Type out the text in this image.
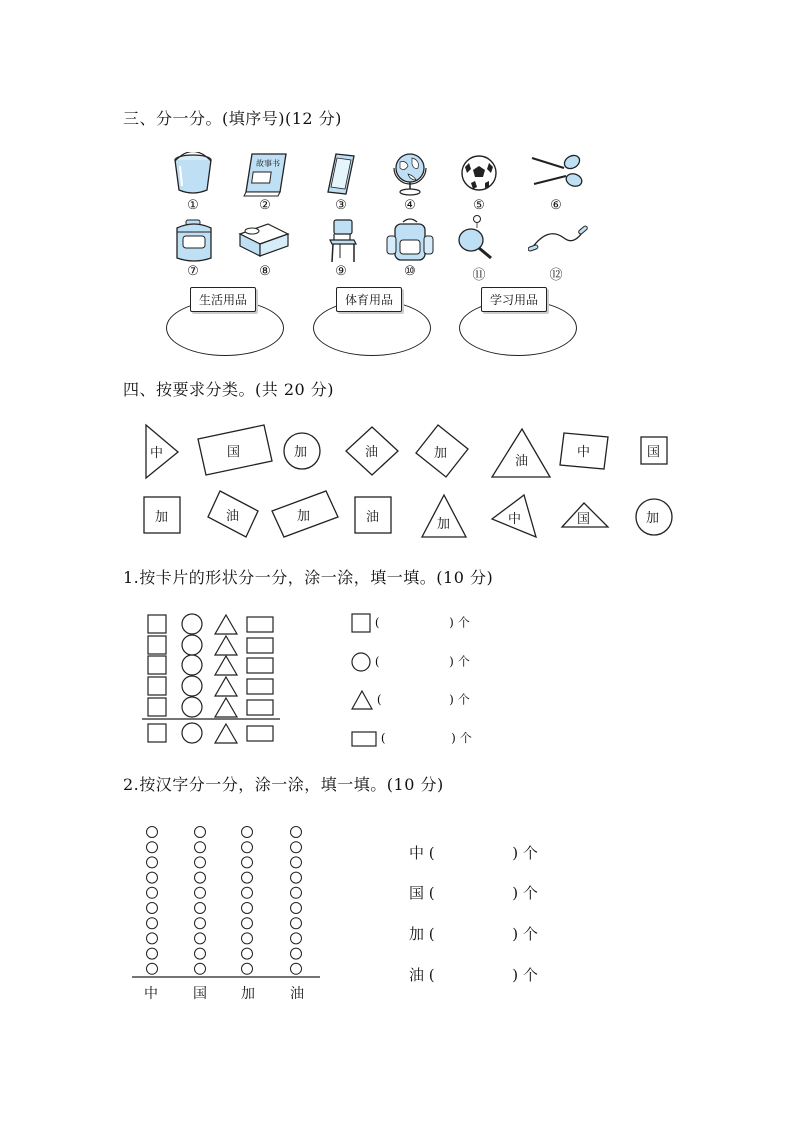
三、分一分。(填序号)(12 分)
故事书
①	②	③	④	⑤	⑥
⑦	⑧	⑨	⑩	⑪	⑫
生活用品	体育用品	学习用品
四、按要求分类。(共 20 分)
中	国	加	油	加
油
中	国
加	油	加	油	加	中	国	加
1.按卡片的形状分一分，涂一涂，填一填。(10 分)
(	) 个
(	) 个
(	) 个
(	) 个
2.按汉字分一分，涂一涂，填一填。(10 分)
中	国	加	油
中 (	) 个
国 (	) 个
加 (	) 个
油 (	) 个
